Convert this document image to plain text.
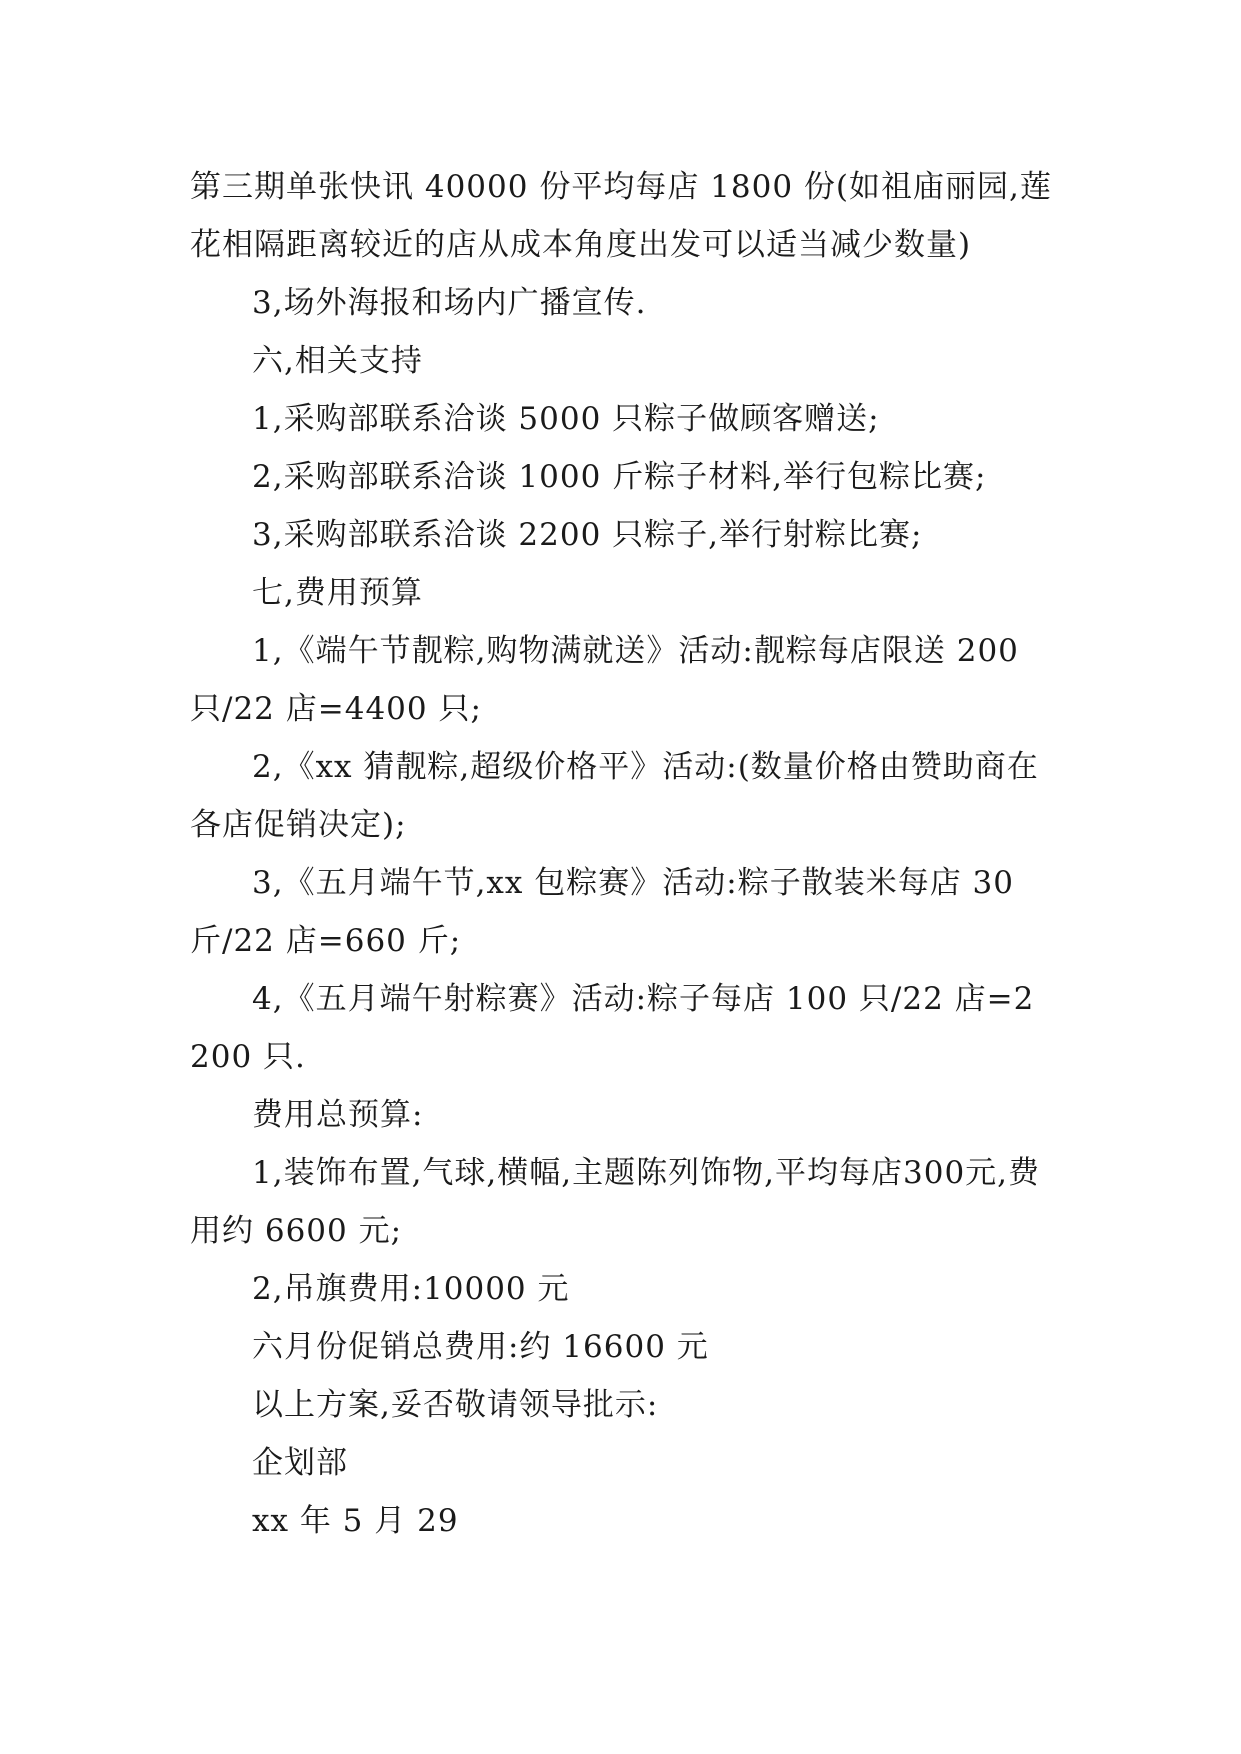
第三期单张快讯 40000 份平均每店 1800 份(如祖庙丽园,莲花相隔距离较近的店从成本角度出发可以适当减少数量)

3,场外海报和场内广播宣传.

六,相关支持

1,采购部联系洽谈 5000 只粽子做顾客赠送;

2,采购部联系洽谈 1000 斤粽子材料,举行包粽比赛;

3,采购部联系洽谈 2200 只粽子,举行射粽比赛;

七,费用预算

1,《端午节靓粽,购物满就送》活动:靓粽每店限送 200 只/22 店=4400 只;

2,《xx 猜靓粽,超级价格平》活动:(数量价格由赞助商在各店促销决定);

3,《五月端午节,xx 包粽赛》活动:粽子散装米每店 30 斤/22 店=660 斤;

4,《五月端午射粽赛》活动:粽子每店 100 只/22 店=2200 只.

费用总预算:

1,装饰布置,气球,横幅,主题陈列饰物,平均每店300元,费用约 6600 元;

2,吊旗费用:10000 元

六月份促销总费用:约 16600 元

以上方案,妥否敬请领导批示:

企划部

xx 年 5 月 29
